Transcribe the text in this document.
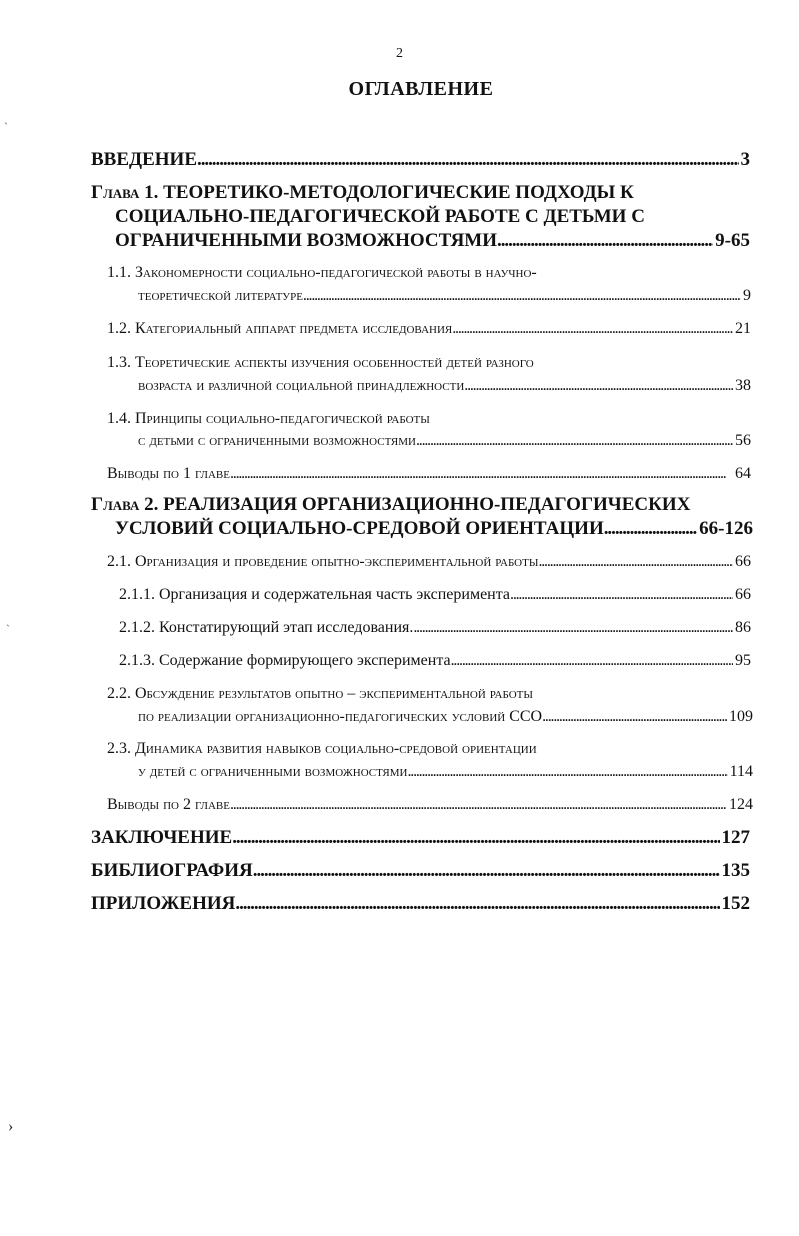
2
ОГЛАВЛЕНИЕ
ВВЕДЕНИЕ . . .	3
Глава 1. ТЕОРЕТИКО-МЕТОДОЛОГИЧЕСКИЕ ПОДХОДЫ К
СОЦИАЛЬНО-ПЕДАГОГИЧЕСКОЙ РАБОТЕ С ДЕТЬМИ С
ОГРАНИЧЕННЫМИ ВОЗМОЖНОСТЯМИ . . .	9-65
1.1. Закономерности социально-педагогической работы в научно-
теоретической литературе . . .	9
1.2. Категориальный аппарат предмета исследования . . .	21
1.3. Теоретические аспекты изучения особенностей детей разного
возраста и различной социальной принадлежности . . .	38
1.4. Принципы социально-педагогической работы
с детьми с ограниченными возможностями . . .	56
Выводы по 1 главе . . .	64
Глава 2. РЕАЛИЗАЦИЯ ОРГАНИЗАЦИОННО-ПЕДАГОГИЧЕСКИХ
УСЛОВИЙ СОЦИАЛЬНО-СРЕДОВОЙ ОРИЕНТАЦИИ . . .	66-126
2.1. Организация и проведение опытно-экспериментальной работы . . .	66
2.1.1. Организация и содержательная часть эксперимента . . .	66
2.1.2. Констатирующий этап исследования. . . .	86
2.1.3. Содержание формирующего эксперимента . . .	95
2.2. Обсуждение результатов опытно – экспериментальной работы
по реализации организационно-педагогических условий ССО . . .	109
2.3. Динамика развития навыков социально-средовой ориентации
у детей с ограниченными возможностями . . .	114
Выводы по 2 главе . . .	124
ЗАКЛЮЧЕНИЕ . . .	127
БИБЛИОГРАФИЯ . . .	135
ПРИЛОЖЕНИЯ . . .	152
`
`
›
